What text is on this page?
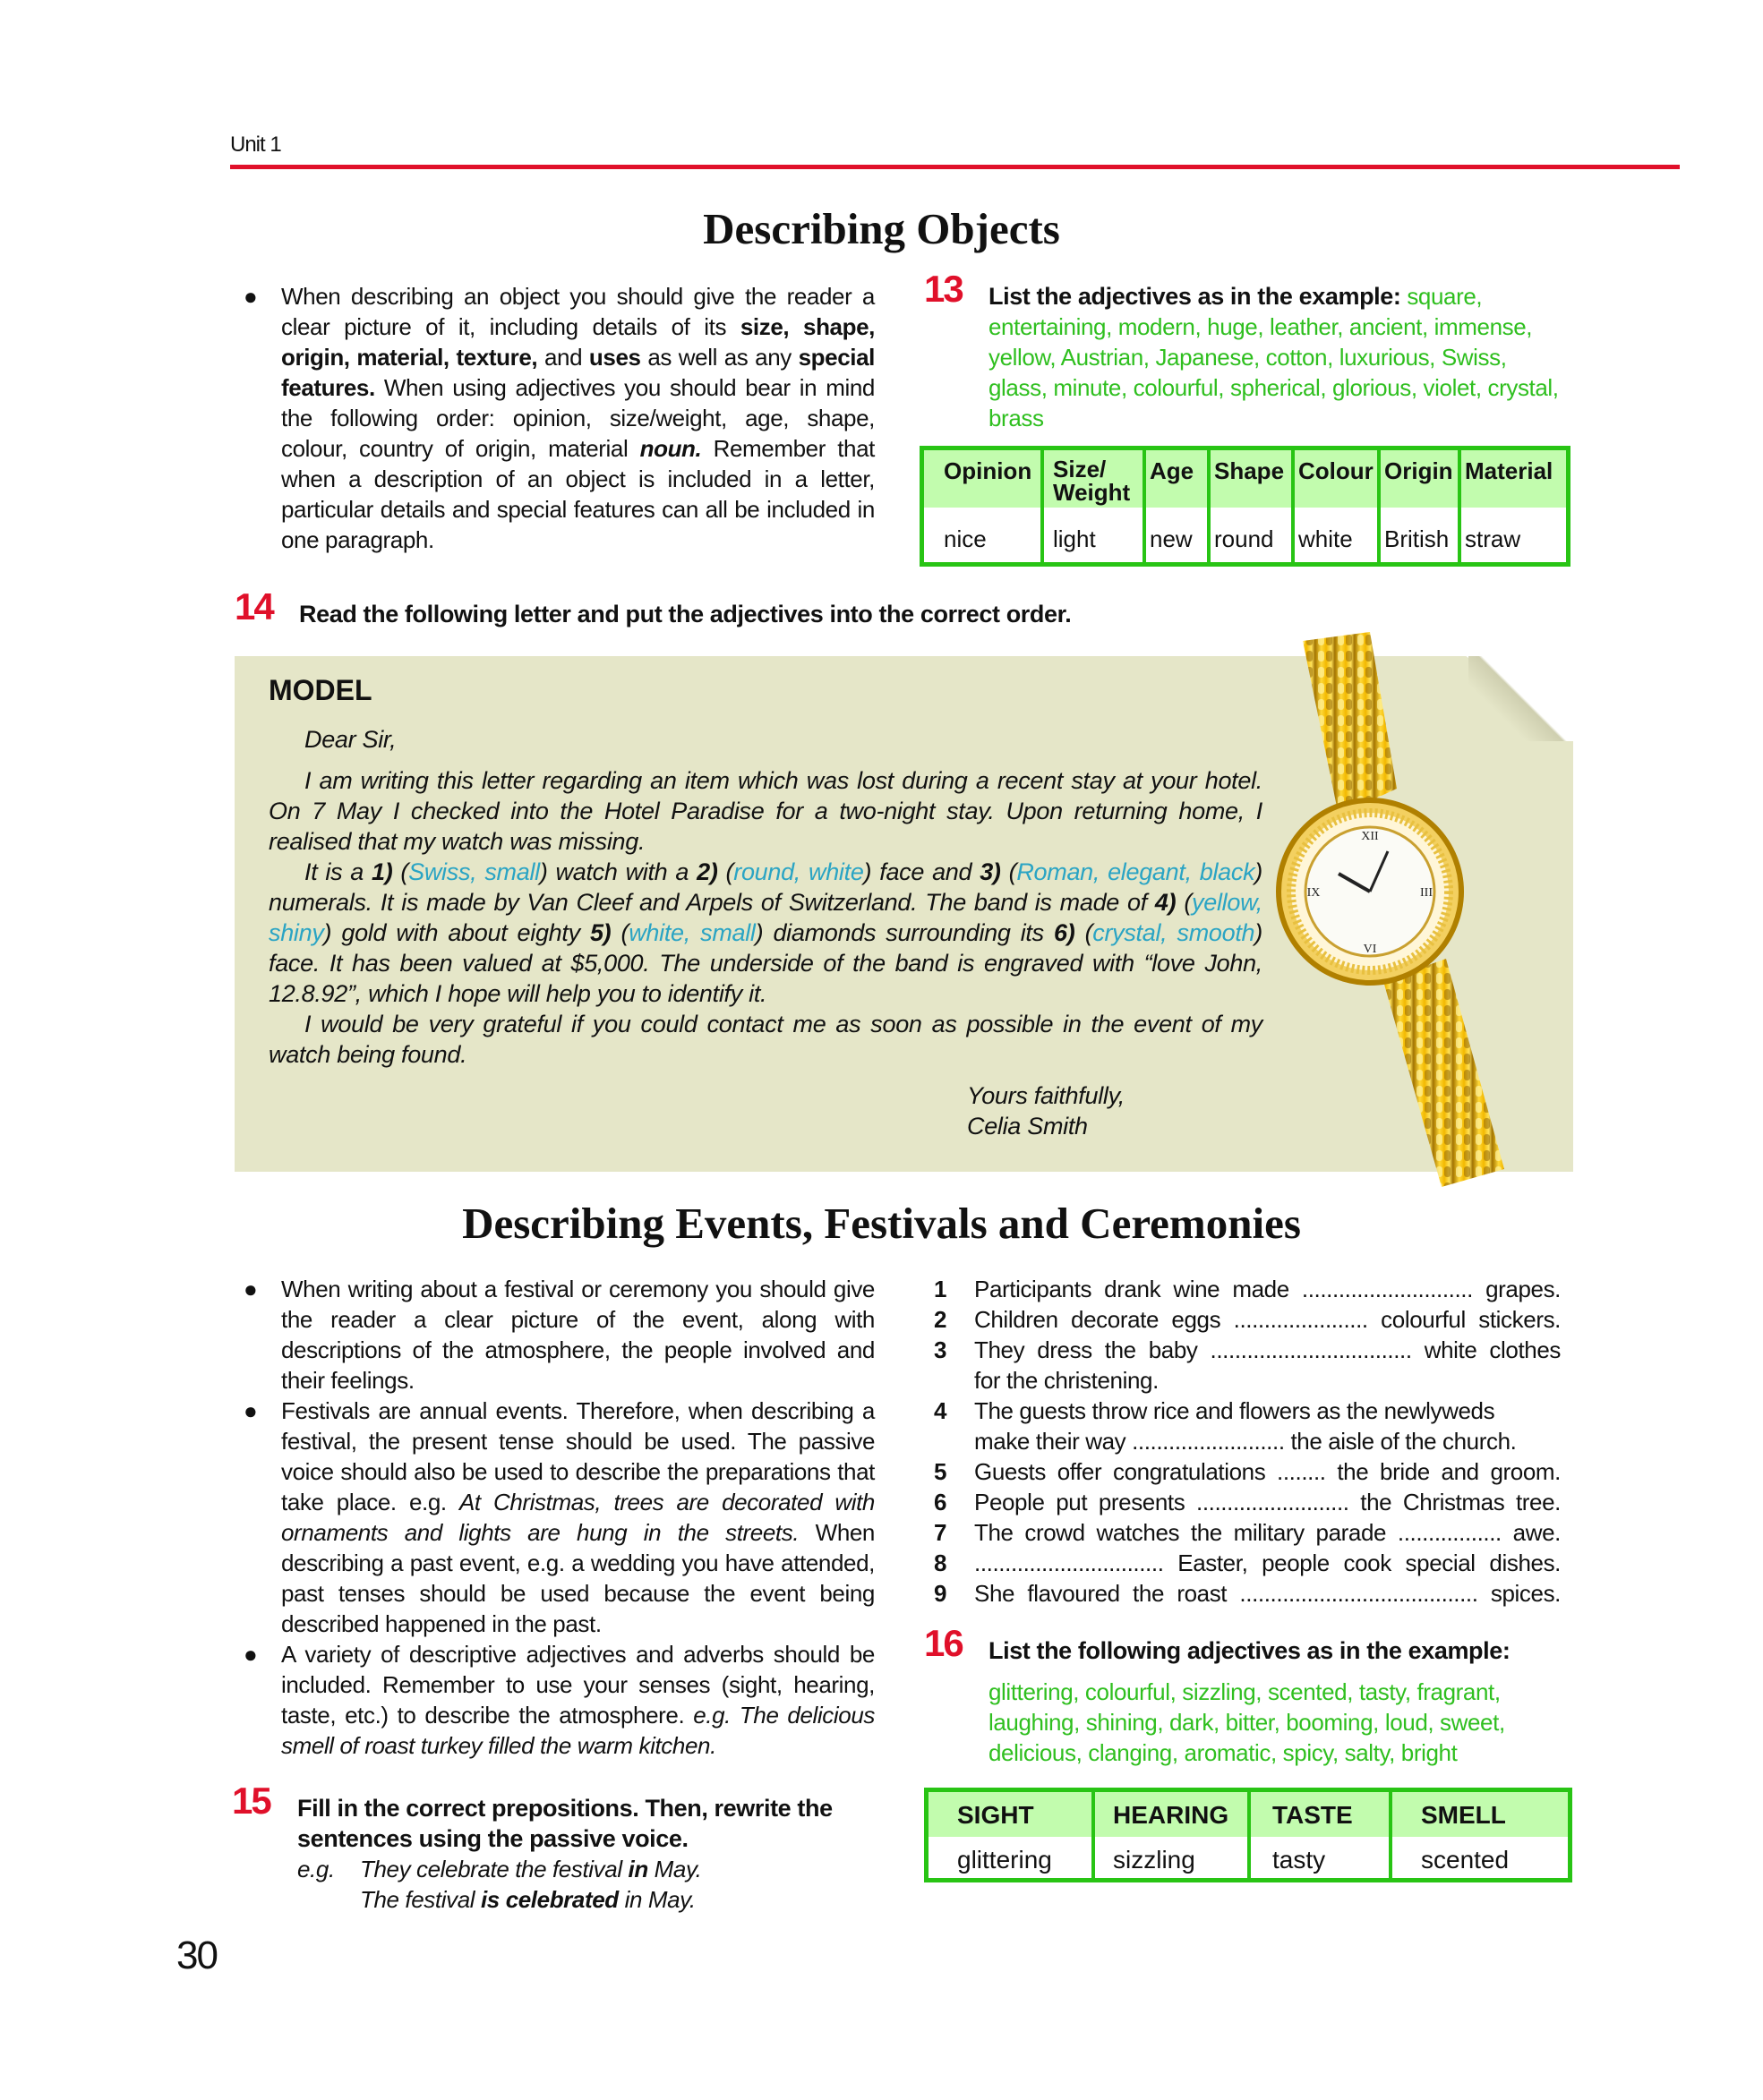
Unit 1
Describing Objects
● When describing an object you should give the reader a clear picture of it, including details of its size, shape, origin, material, texture, and uses as well as any special features. When using adjectives you should bear in mind the following order: opinion, size/weight, age, shape, colour, country of origin, material noun. Remember that when a description of an object is included in a letter, particular details and special features can all be included in one paragraph.
13	List the adjectives as in the example: square, entertaining, modern, huge, leather, ancient, immense, yellow, Austrian, Japanese, cotton, luxurious, Swiss, glass, minute, colourful, spherical, glorious, violet, crystal, brass
Opinion	Size/
Weight	Age	Shape	Colour	Origin	Material
nice	light	new	round	white	British	straw
14	Read the following letter and put the adjectives into the correct order.
MODEL

Dear Sir,

I am writing this letter regarding an item which was lost during a recent stay at your hotel. On 7 May I checked into the Hotel Paradise for a two-night stay. Upon returning home, I realised that my watch was missing.

It is a 1) (Swiss, small) watch with a 2) (round, white) face and 3) (Roman, elegant, black) numerals. It is made by Van Cleef and Arpels of Switzerland. The band is made of 4) (yellow, shiny) gold with about eighty 5) (white, small) diamonds surrounding its 6) (crystal, smooth) face. It has been valued at $5,000. The underside of the band is engraved with “love John, 12.8.92”, which I hope will help you to identify it.

I would be very grateful if you could contact me as soon as possible in the event of my watch being found.

Yours faithfully,

Celia Smith

XII
III
VI
IX
Describing Events, Festivals and Ceremonies
● When writing about a festival or ceremony you should give the reader a clear picture of the event, along with descriptions of the atmosphere, the people involved and their feelings.
● Festivals are annual events. Therefore, when describing a festival, the present tense should be used. The passive voice should also be used to describe the preparations that take place. e.g. At Christmas, trees are decorated with ornaments and lights are hung in the streets. When describing a past event, e.g. a wedding you have attended, past tenses should be used because the event being described happened in the past.
● A variety of descriptive adjectives and adverbs should be included. Remember to use your senses (sight, hearing, taste, etc.) to describe the atmosphere. e.g. The delicious smell of roast turkey filled the warm kitchen.
15	Fill in the correct prepositions. Then, rewrite the sentences using the passive voice.
e.g. They celebrate the festival in May.
The festival is celebrated in May.
1	Participants drank wine made ............................ grapes.
2	Children decorate eggs ...................... colourful stickers.
3	They dress the baby ................................. white clothes
for the christening.
4	The guests throw rice and flowers as the newlyweds
make their way ......................... the aisle of the church.
5	Guests offer congratulations ........ the bride and groom.
6	People put presents ......................... the Christmas tree.
7	The crowd watches the military parade ................. awe.
8	............................... Easter, people cook special dishes.
9	She flavoured the roast ....................................... spices.
16	List the following adjectives as in the example:
glittering, colourful, sizzling, scented, tasty, fragrant, laughing, shining, dark, bitter, booming, loud, sweet, delicious, clanging, aromatic, spicy, salty, bright
SIGHT	HEARING	TASTE	SMELL
glittering	sizzling	tasty	scented
30
